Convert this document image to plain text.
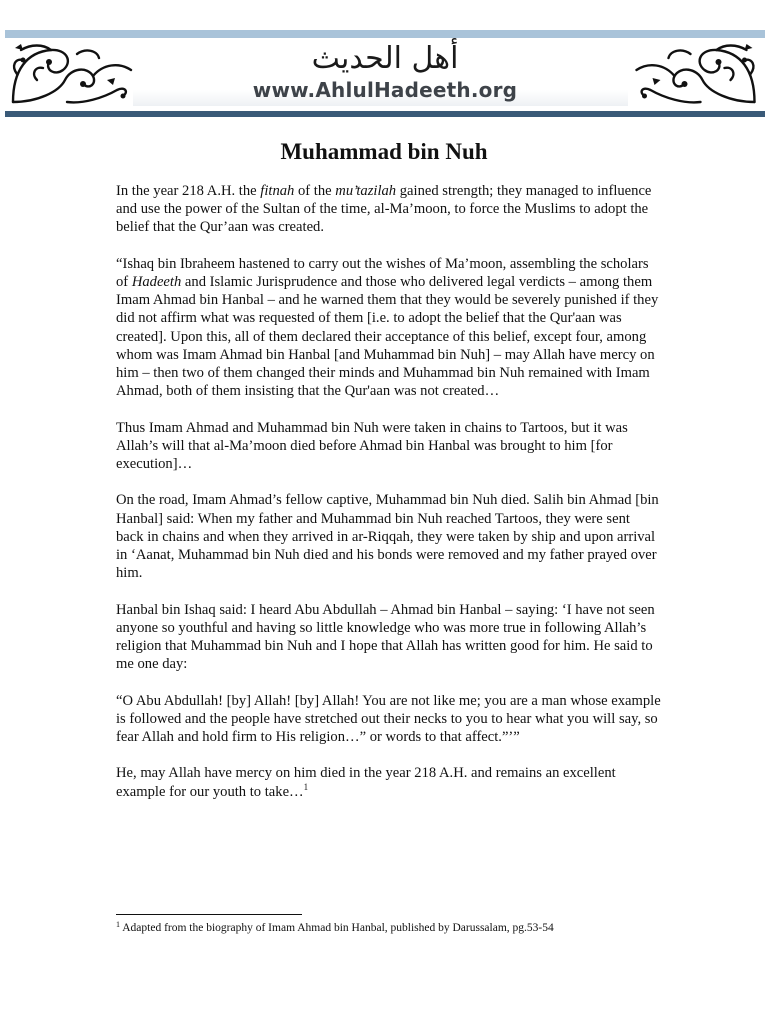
أهل الحديث
www.AhlulHadeeth.org
Muhammad bin Nuh

In the year 218 A.H. the fitnah of the mu’tazilah gained strength; they managed to influence and use the power of the Sultan of the time, al-Ma’moon, to force the Muslims to adopt the belief that the Qur’aan was created.

“Ishaq bin Ibraheem hastened to carry out the wishes of Ma’moon, assembling the scholars of Hadeeth and Islamic Jurisprudence and those who delivered legal verdicts – among them Imam Ahmad bin Hanbal – and he warned them that they would be severely punished if they did not affirm what was requested of them [i.e. to adopt the belief that the Qur'aan was created]. Upon this, all of them declared their acceptance of this belief, except four, among whom was Imam Ahmad bin Hanbal [and Muhammad bin Nuh] – may Allah have mercy on him – then two of them changed their minds and Muhammad bin Nuh remained with Imam Ahmad, both of them insisting that the Qur'aan was not created…

Thus Imam Ahmad and Muhammad bin Nuh were taken in chains to Tartoos, but it was Allah’s will that al-Ma’moon died before Ahmad bin Hanbal was brought to him [for execution]…

On the road, Imam Ahmad’s fellow captive, Muhammad bin Nuh died. Salih bin Ahmad [bin Hanbal] said: When my father and Muhammad bin Nuh reached Tartoos, they were sent back in chains and when they arrived in ar-Riqqah, they were taken by ship and upon arrival in ‘Aanat, Muhammad bin Nuh died and his bonds were removed and my father prayed over him.

Hanbal bin Ishaq said: I heard Abu Abdullah – Ahmad bin Hanbal – saying: ‘I have not seen anyone so youthful and having so little knowledge who was more true in following Allah’s religion that Muhammad bin Nuh and I hope that Allah has written good for him. He said to me one day:

“O Abu Abdullah! [by] Allah! [by] Allah! You are not like me; you are a man whose example is followed and the people have stretched out their necks to you to hear what you will say, so fear Allah and hold firm to His religion…” or words to that affect.”’”

He, may Allah have mercy on him died in the year 218 A.H. and remains an excellent example for our youth to take…$^1$

$^1$ Adapted from the biography of Imam Ahmad bin Hanbal, published by Darussalam, pg.53-54
